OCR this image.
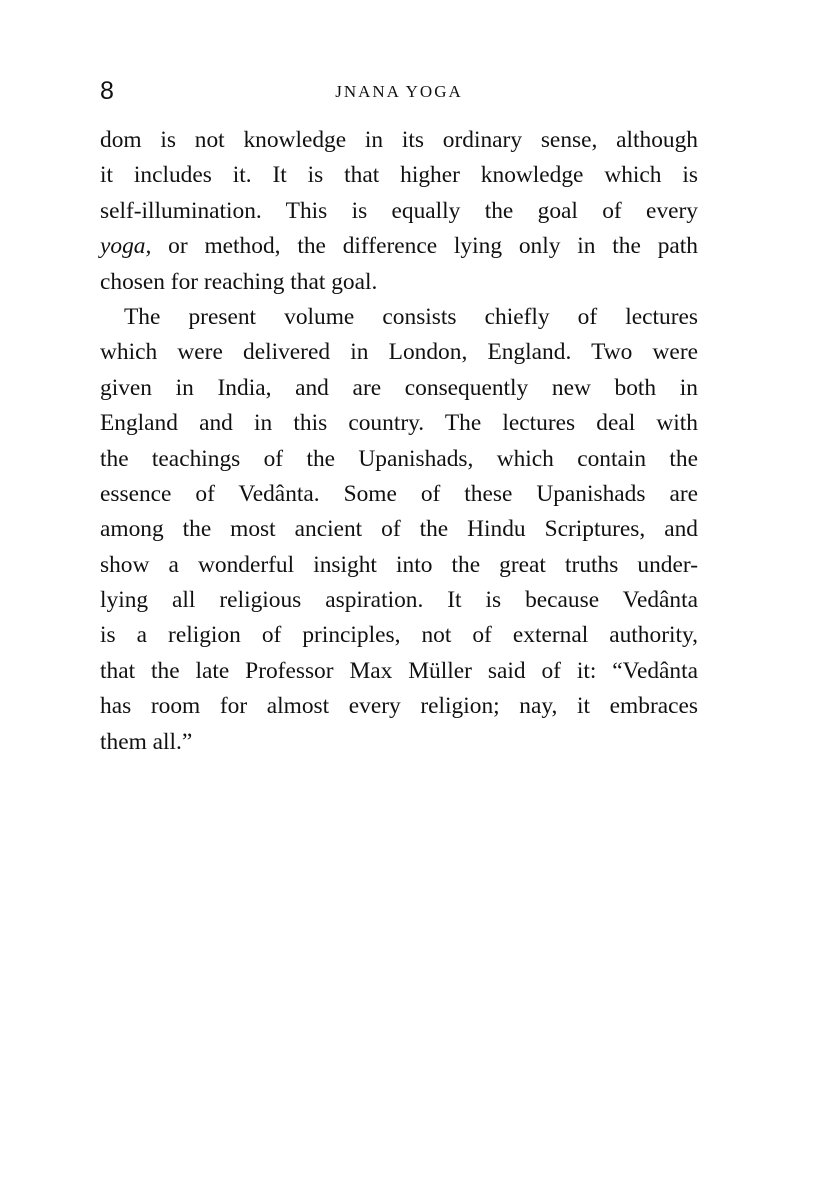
8	JNANA YOGA
dom is not knowledge in its ordinary sense, although
it includes it. It is that higher knowledge which is
self-illumination. This is equally the goal of every
yoga, or method, the difference lying only in the path
chosen for reaching that goal.
The present volume consists chiefly of lectures
which were delivered in London, England. Two were
given in India, and are consequently new both in
England and in this country. The lectures deal with
the teachings of the Upanishads, which contain the
essence of Vedânta. Some of these Upanishads are
among the most ancient of the Hindu Scriptures, and
show a wonderful insight into the great truths under-
lying all religious aspiration. It is because Vedânta
is a religion of principles, not of external authority,
that the late Professor Max Müller said of it: “Vedânta
has room for almost every religion; nay, it embraces
them all.”
